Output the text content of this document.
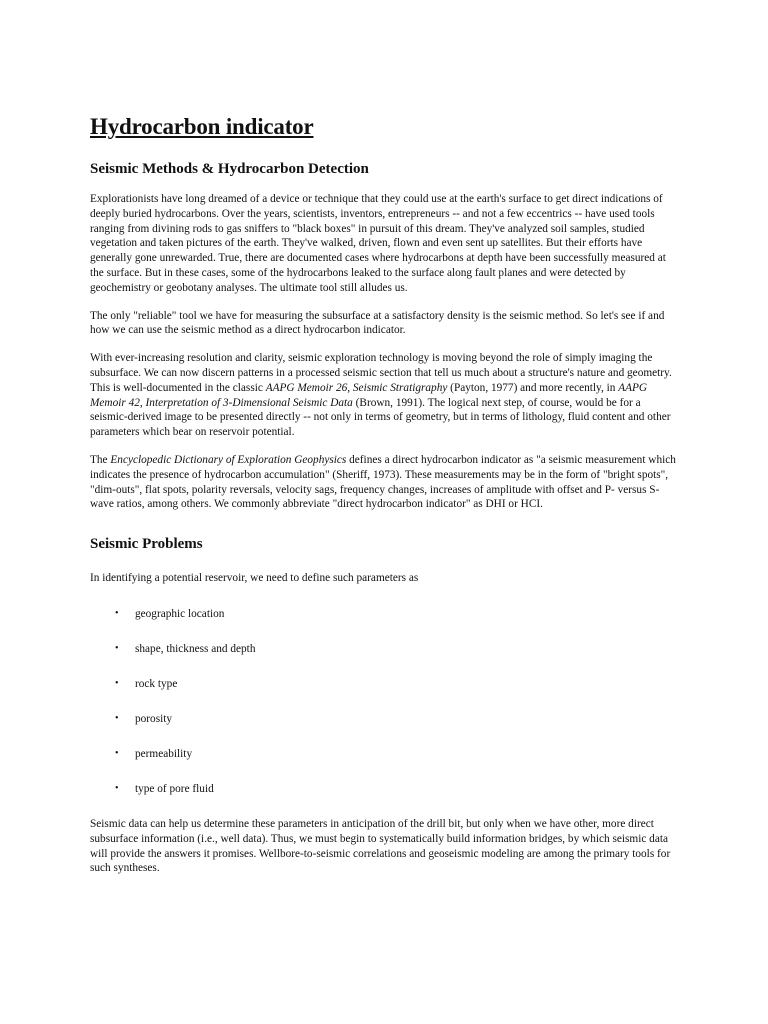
Hydrocarbon indicator
Seismic Methods & Hydrocarbon Detection

Explorationists have long dreamed of a device or technique that they could use at the earth's surface to get direct indications of deeply buried hydrocarbons. Over the years, scientists, inventors, entrepreneurs -- and not a few eccentrics -- have used tools ranging from divining rods to gas sniffers to "black boxes" in pursuit of this dream. They've analyzed soil samples, studied vegetation and taken pictures of the earth. They've walked, driven, flown and even sent up satellites. But their efforts have generally gone unrewarded. True, there are documented cases where hydrocarbons at depth have been successfully measured at the surface. But in these cases, some of the hydrocarbons leaked to the surface along fault planes and were detected by geochemistry or geobotany analyses. The ultimate tool still alludes us.

The only "reliable" tool we have for measuring the subsurface at a satisfactory density is the seismic method. So let's see if and how we can use the seismic method as a direct hydrocarbon indicator.

With ever-increasing resolution and clarity, seismic exploration technology is moving beyond the role of simply imaging the subsurface. We can now discern patterns in a processed seismic section that tell us much about a structure's nature and geometry. This is well-documented in the classic AAPG Memoir 26, Seismic Stratigraphy (Payton, 1977) and more recently, in AAPG Memoir 42, Interpretation of 3-Dimensional Seismic Data (Brown, 1991). The logical next step, of course, would be for a seismic-derived image to be presented directly -- not only in terms of geometry, but in terms of lithology, fluid content and other parameters which bear on reservoir potential.

The Encyclopedic Dictionary of Exploration Geophysics defines a direct hydrocarbon indicator as "a seismic measurement which indicates the presence of hydrocarbon accumulation" (Sheriff, 1973). These measurements may be in the form of "bright spots", "dim-outs", flat spots, polarity reversals, velocity sags, frequency changes, increases of amplitude with offset and P- versus S-wave ratios, among others. We commonly abbreviate "direct hydrocarbon indicator" as DHI or HCI.

Seismic Problems

In identifying a potential reservoir, we need to define such parameters as

• geographic location
• shape, thickness and depth
• rock type
• porosity
• permeability
• type of pore fluid

Seismic data can help us determine these parameters in anticipation of the drill bit, but only when we have other, more direct subsurface information (i.e., well data). Thus, we must begin to systematically build information bridges, by which seismic data will provide the answers it promises. Wellbore-to-seismic correlations and geoseismic modeling are among the primary tools for such syntheses.
